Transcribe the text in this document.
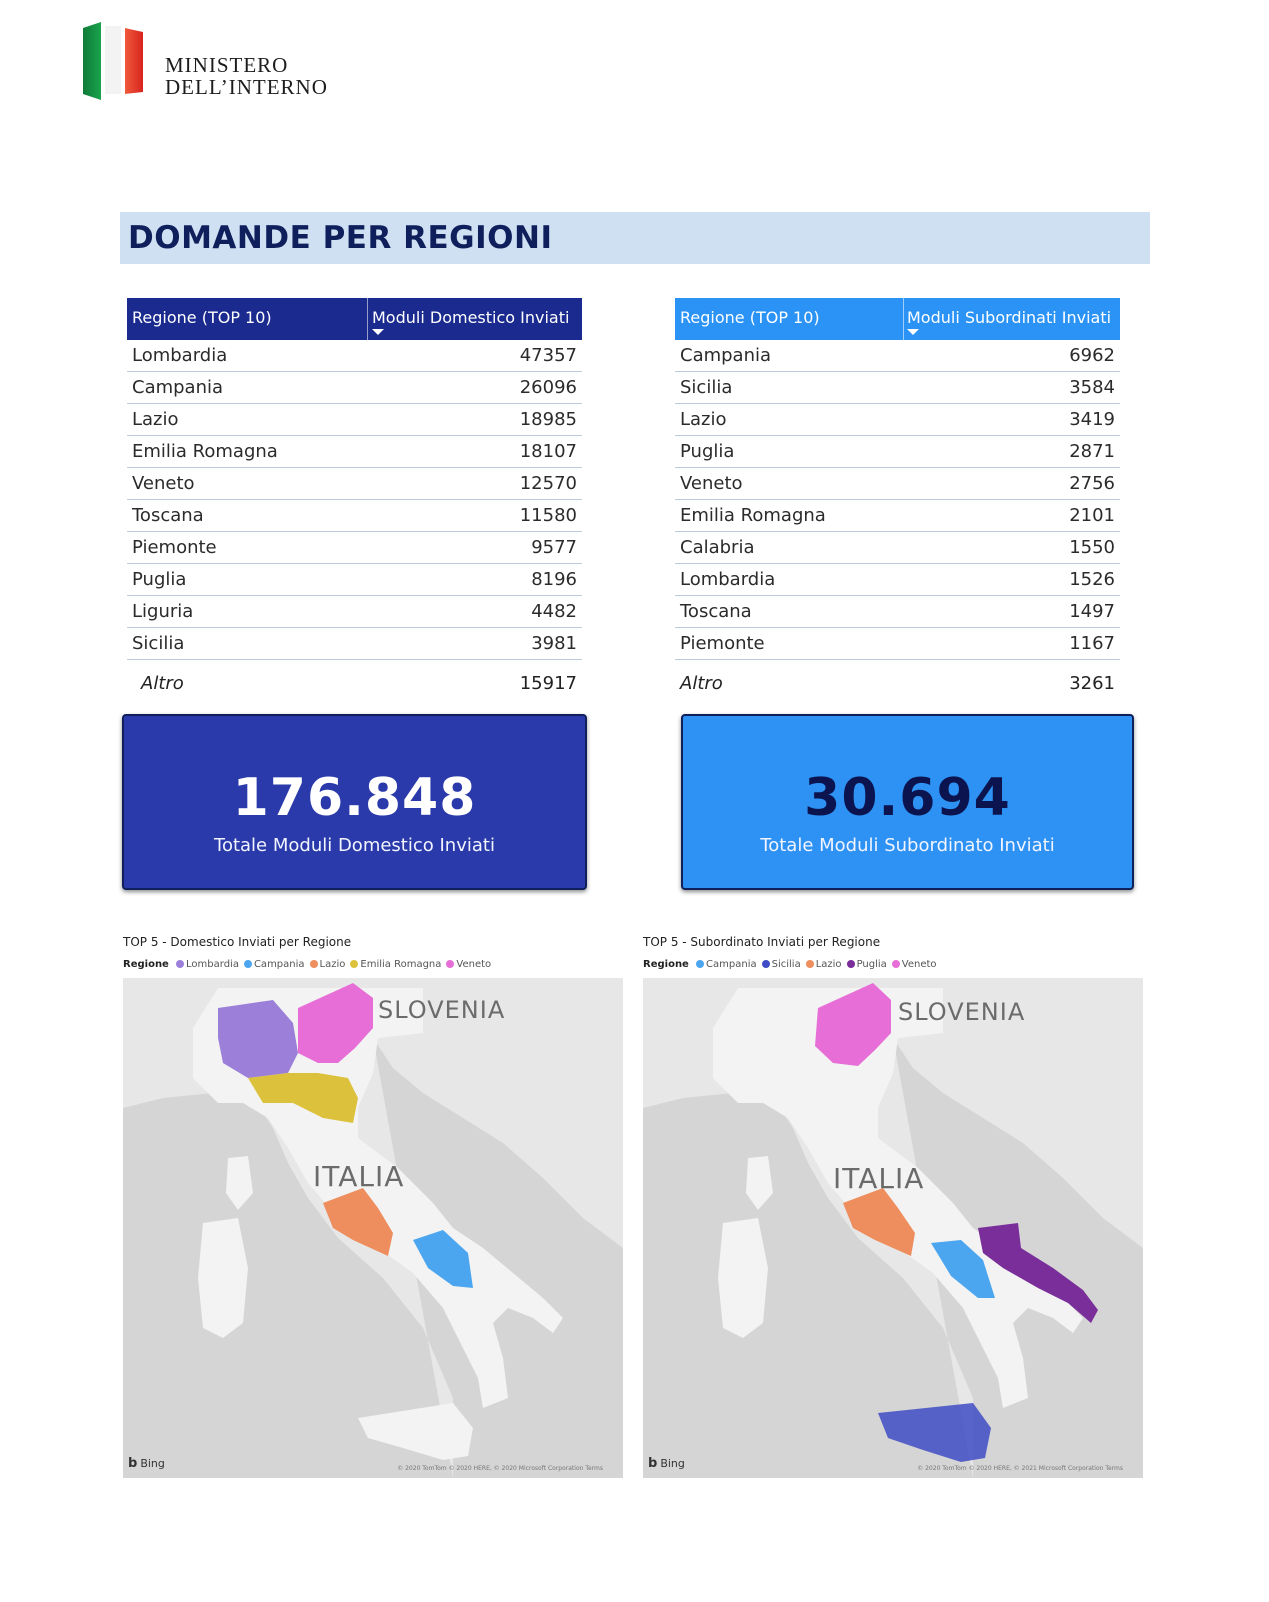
MINISTERO
DELL’INTERNO
DOMANDE PER REGIONI
Regione (TOP 10)	Moduli Domestico Inviati
Lombardia	47357
Campania	26096
Lazio	18985
Emilia Romagna	18107
Veneto	12570
Toscana	11580
Piemonte	9577
Puglia	8196
Liguria	4482
Sicilia	3981
Altro	15917
Regione (TOP 10)	Moduli Subordinati Inviati
Campania	6962
Sicilia	3584
Lazio	3419
Puglia	2871
Veneto	2756
Emilia Romagna	2101
Calabria	1550
Lombardia	1526
Toscana	1497
Piemonte	1167
Altro	3261
176.848
Totale Moduli Domestico Inviati
30.694
Totale Moduli Subordinato Inviati
TOP 5 - Domestico Inviati per Regione
Regione Lombardia Campania Lazio Emilia Romagna Veneto
TOP 5 - Subordinato Inviati per Regione
Regione Campania Sicilia Lazio Puglia Veneto
SLOVENIA
ITALIA
b Bing	© 2020 TomTom © 2020 HERE, © 2020 Microsoft Corporation Terms
SLOVENIA
ITALIA
b Bing	© 2020 TomTom © 2020 HERE, © 2021 Microsoft Corporation Terms
